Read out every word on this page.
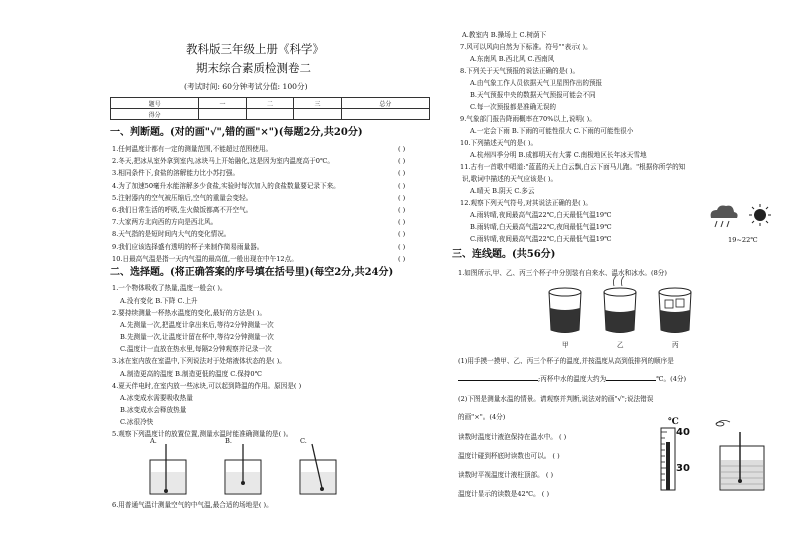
教科版三年级上册《科学》
期末综合素质检测卷二
(考试时间: 60分钟考试分值: 100分)
题号	一	二	三	总分
得分				
一、判断题。(对的画"√",错的画"×")(每题2分,共20分)
1.任何温度计都有一定的测量范围,不能超过范围使用。	( )
2.冬天,把冰从室外拿到室内,冰块马上开始融化,这是因为室内温度高于0℃。	( )
3.相同条件下,食盐的溶解能力比小苏打强。	( )
4.为了加速50毫升水能溶解多少食盐,实验时每次加入的食盐数量要记录下来。	( )
5.注射器内的空气被压缩后,空气的重量会变轻。	( )
6.我们日常生活的呼吸,生火做饭都离不开空气。	( )
7.大家两方北向西的方向是西北风。	( )
8.天气指的是短时间内大气的变化情况。	( )
9.我们应该选择盛有透明的杯子来制作简易雨量器。	( )
10.日最高气温是指一天内气温的最高值,一般出现在中午12点。	( )
二、选择题。(将正确答案的序号填在括号里)(每空2分,共24分)
1.一个物体吸收了热量,温度一般会( )。
A.没有变化 B.下降 C.上升
2.要持续测量一杯热水温度的变化,最好的方法是( )。
A.先测量一次,把温度计拿出来后,等待2分钟测量一次
B.先测量一次,让温度计留在杯中,等待2分钟测量一次
C.温度计一直放在热水里,每隔2分钟观察并记录一次
3.冰在室内放在室温中,下列说法对于处熔液体状态的是( )。
A.制造更高的温度 B.制造更低的温度 C.保持0℃
4.夏天伴电时,在室内放一些冰块,可以起到降温的作用。原因是( )
A.冰变成水需要吸收热量
B.冰变成水会释放热量
C.冰很冷快
5.观察下列温度计的放置位置,测量水温时能准确测量的是( )。
6.用普通气温计测量空气的中气温,最合适的场地是( )。
A.	B.	C.
A.教室内 B.操场上 C.树荫下
7.风可以风向自然为下标准。符号""表示( )。
A.东南风 B.西北风 C.西南风
8.下列关于天气预报的说法正确的是( )。
A.由气象工作人员依据天气卫星图作出的预报
B.天气预报中央的数据天气预报可能会不同
C.每一次预报都是准确无误的
9.气象部门报告降雨概率在70%以上,说明( )。
A.一定会下雨 B.下雨的可能性很大 C.下雨的可能性很小
10.下列描述天气的是( )。
A.杭州四季分明 B.成都明天有大雾 C.南极地区长年冰天雪地
11.古有一首歌中唱道:"蓝蓝的天上白云飘,白云下面马儿跑。"根据你所学的知
识,歌词中描述的天气应该是( )。
A.晴天 B.阴天 C.多云
12.观察下列天气符号,对其说法正确的是( )。
A.雨转晴,夜间最高气温22℃,白天最低气温19℃
B.雨转晴,白天最高气温22℃,夜间最低气温19℃
C.雨转晴,夜间最高气温22℃,白天最低气温19℃	19~22℃
三、连线题。(共56分)
1.如图所示,甲、乙、丙三个杯子中分别装有自来水、温水和冰水。(8分)
甲	乙	丙
(1)用手摸一摸甲、乙、丙三个杯子的温度,并按温度从高到低排列的顺序是
;丙杯中水的温度大约为	℃。(4分)
(2)下图是测量水温的情景。请观察并判断,说法对的画"√";说法错误
的画"×"。(4分)
读数时温度计液泡保持在温水中。 ( )
温度计碰到杯底时读数也可以。 ( )
读数时平视温度计液柱顶部。 ( )
温度计显示的读数是42℃。 ( )
℃
40
30
